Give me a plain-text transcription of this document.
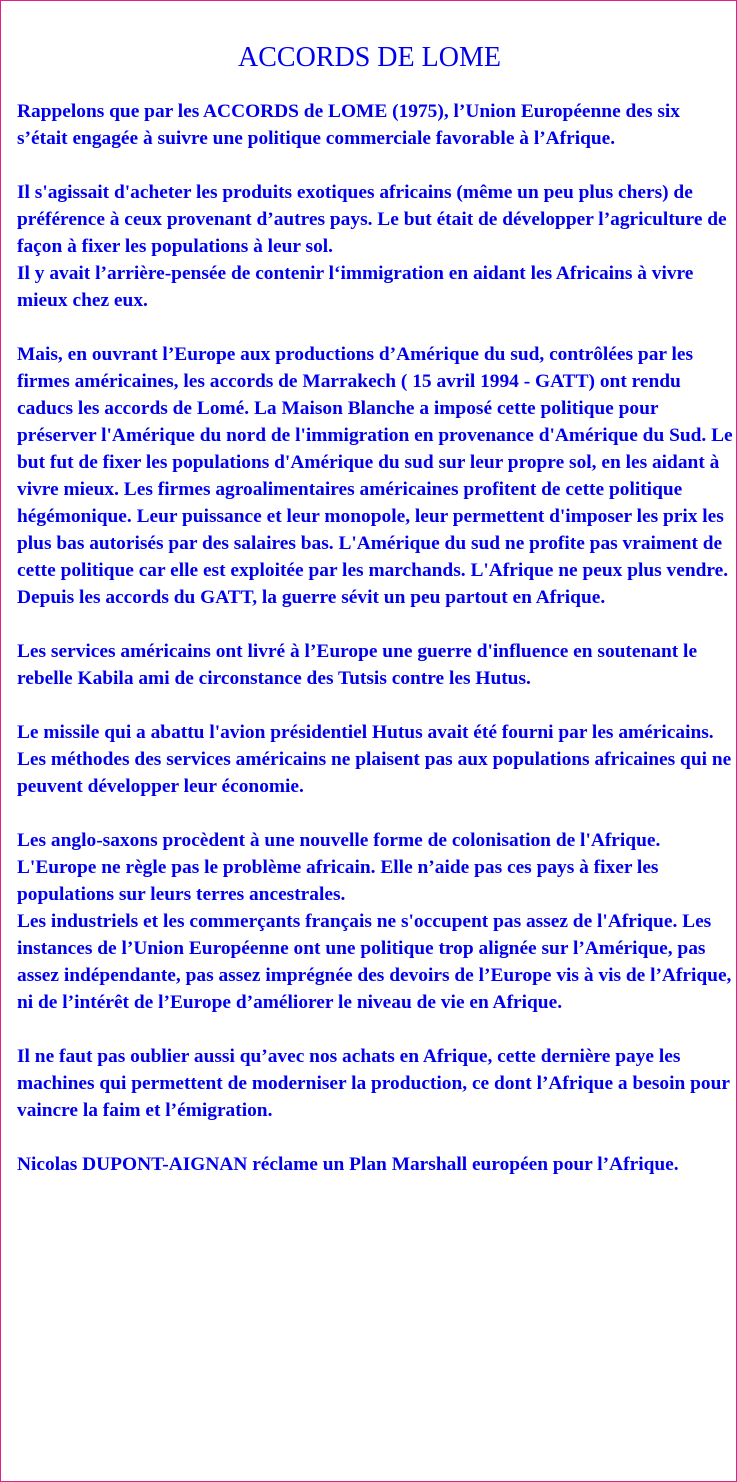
ACCORDS DE LOME

Rappelons que par les ACCORDS de LOME (1975), l’Union Européenne des six s’était engagée à suivre une politique commerciale favorable à l’Afrique.

Il s'agissait d'acheter les produits exotiques africains (même un peu plus chers) de préférence à ceux provenant d’autres pays. Le but était de développer l’agriculture de façon à fixer les populations à leur sol.
Il y avait l’arrière-pensée de contenir l‘immigration en aidant les Africains à vivre mieux chez eux.

Mais, en ouvrant l’Europe aux productions d’Amérique du sud, contrôlées par les firmes américaines, les accords de Marrakech ( 15 avril 1994 - GATT) ont rendu caducs les accords de Lomé. La Maison Blanche a imposé cette politique pour préserver l'Amérique du nord de l'immigration en provenance d'Amérique du Sud. Le but fut de fixer les populations d'Amérique du sud sur leur propre sol, en les aidant à vivre mieux. Les firmes agroalimentaires américaines profitent de cette politique hégémonique. Leur puissance et leur monopole, leur permettent d'imposer les prix les plus bas autorisés par des salaires bas. L'Amérique du sud ne profite pas vraiment de cette politique car elle est exploitée par les marchands. L'Afrique ne peux plus vendre. Depuis les accords du GATT, la guerre sévit un peu partout en Afrique.

Les services américains ont livré à l’Europe une guerre d'influence en soutenant le rebelle Kabila ami de circonstance des Tutsis contre les Hutus.

Le missile qui a abattu l'avion présidentiel Hutus avait été fourni par les américains. Les méthodes des services américains ne plaisent pas aux populations africaines qui ne peuvent développer leur économie.

Les anglo-saxons procèdent à une nouvelle forme de colonisation de l'Afrique. L'Europe ne règle pas le problème africain. Elle n’aide pas ces pays à fixer les populations sur leurs terres ancestrales.
Les industriels et les commerçants français ne s'occupent pas assez de l'Afrique. Les instances de l’Union Européenne ont une politique trop alignée sur l’Amérique, pas assez indépendante, pas assez imprégnée des devoirs de l’Europe vis à vis de l’Afrique, ni de l’intérêt de l’Europe d’améliorer le niveau de vie en Afrique.

Il ne faut pas oublier aussi qu’avec nos achats en Afrique, cette dernière paye les machines qui permettent de moderniser la production, ce dont l’Afrique a besoin pour vaincre la faim et l’émigration.

Nicolas DUPONT-AIGNAN réclame un Plan Marshall européen pour l’Afrique.
